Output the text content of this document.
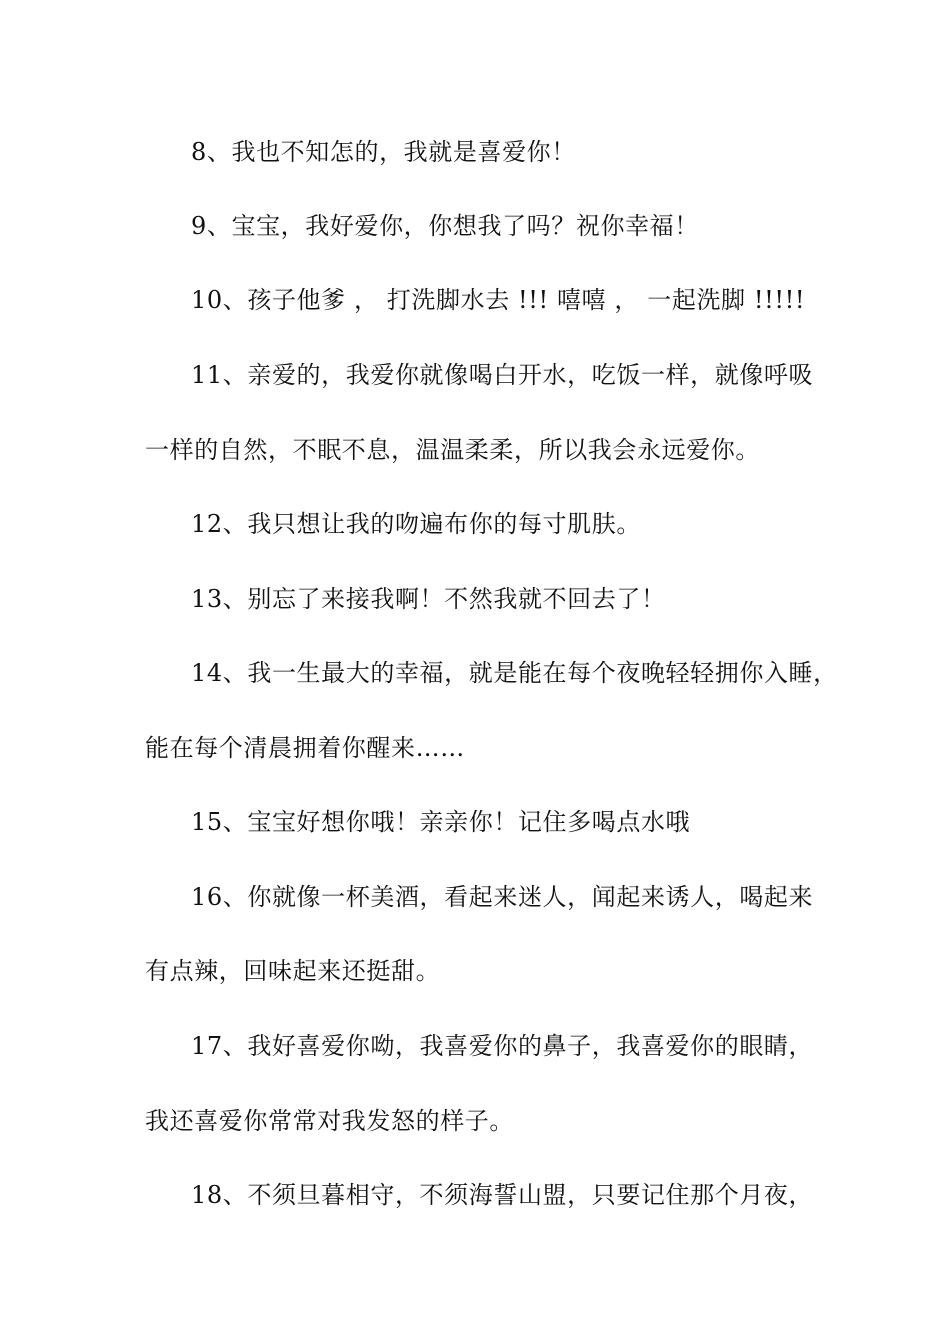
8、我也不知怎的，我就是喜爱你！
9、宝宝，我好爱你，你想我了吗？祝你幸福！
10、孩子他爹 ， 打洗脚水去 !!! 嘻嘻 ， 一起洗脚 !!!!!
11、亲爱的，我爱你就像喝白开水，吃饭一样，就像呼吸
一样的自然，不眠不息，温温柔柔，所以我会永远爱你。
12、我只想让我的吻遍布你的每寸肌肤。
13、别忘了来接我啊！不然我就不回去了！
14、我一生最大的幸福，就是能在每个夜晚轻轻拥你入睡，
能在每个清晨拥着你醒来……
15、宝宝好想你哦！亲亲你！记住多喝点水哦
16、你就像一杯美酒，看起来迷人，闻起来诱人，喝起来
有点辣，回味起来还挺甜。
17、我好喜爱你呦，我喜爱你的鼻子，我喜爱你的眼睛，
我还喜爱你常常对我发怒的样子。
18、不须旦暮相守，不须海誓山盟，只要记住那个月夜，
